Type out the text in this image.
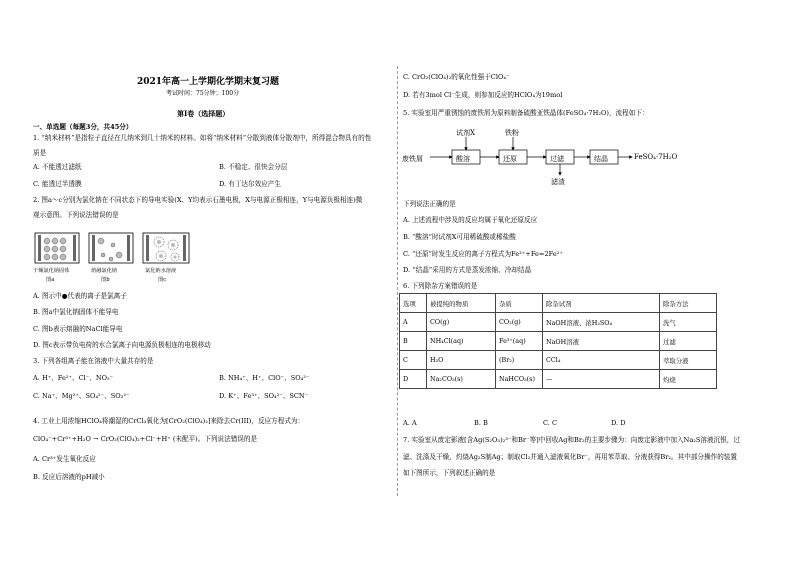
2021年高一上学期化学期末复习题
考试时间：75分钟；100分
第I卷（选择题）
一、单选题（每题3分，共45分）
1. “纳米材料”是指粒子直径在几纳米到几十纳米的材料。如将“纳米材料”分散到液体分散剂中，所得混合物具有的性
质是
A. 不能透过滤纸	B. 不稳定、很快会分层
C. 能透过半透膜	D. 有丁达尔效应产生
2. 图a～c分别为氯化钠在不同状态下的导电实验(X、Y均表示石墨电极，X与电源正极相连，Y与电源负极相连)微
观示意图。下列说法错误的是
干燥氯化钠固体
图a
熔融氯化钠
图b
氯化钠水溶液
图c
A. 图示中●代表的离子是氯离子
B. 图a中氯化钠固体不能导电
C. 图b表示熔融的NaCl能导电
D. 图c表示带负电荷的水合氯离子向电源负极相连的电极移动
3. 下列各组离子能在溶液中大量共存的是
A. H⁺、Fe²⁺、Cl⁻、NO₃⁻	B. NH₄⁺、H⁺、ClO⁻、SO₄²⁻
C. Na⁺、Mg²⁺、SO₄²⁻、SO₃²⁻	D. K⁺、Fe³⁺、SO₄²⁻、SCN⁻
4. 工业上用浓缩HClO₄将潮湿的CrCl₃氧化为[CrO₂(ClO₄)₂]来除去Cr(III)，反应方程式为：
ClO₄⁻+Cr³⁺+H₂O → CrO₂(ClO₄)₂+Cl⁻+H⁺ (未配平)。下列说法错误的是
A. Cr³⁺发生氧化反应
B. 反应后溶液的pH减小
C. CrO₂(ClO₄)₂的氧化性强于ClO₄⁻
D. 若有3mol Cl⁻生成，则参加反应的HClO₄为19mol
5. 实验室用严重锈蚀的废铁屑为原料制备硫酸亚铁晶体(FeSO₄·7H₂O)，流程如下：
废铁屑
试剂X	铁粉
酸溶	还原	过滤	结晶
滤渣
FeSO₄·7H₂O
下列说法正确的是
A. 上述流程中涉及的反应均属于氧化还原反应
B. “酸溶”时试剂X可用稀硫酸或稀盐酸
C. “还原”时发生反应的离子方程式为Fe³⁺+Fe=2Fe²⁺
D. “结晶”采用的方式是蒸发浓缩、冷却结晶
6. 下列除杂方案错误的是
选项	被提纯的物质	杂质	除杂试剂	除杂方法
A	CO(g)	CO₂(g)	NaOH溶液、浓H₂SO₄	洗气
B	NH₄Cl(aq)	Fe³⁺(aq)	NaOH溶液	过滤
C	H₂O	(Br₂)	CCl₄	萃取分液
D	Na₂CO₃(s)	NaHCO₃(s)	—	灼烧
A. A	B. B	C. C	D. D
7. 实验室从废定影液[含Ag(S₂O₃)₂³⁻和Br⁻等]中回收Ag和Br₂的主要步骤为：向废定影液中加入Na₂S溶液沉银，过
滤、洗涤及干燥，灼烧Ag₂S制Ag；制取Cl₂并通入滤液氧化Br⁻，再用苯萃取、分液获得Br₂。其中部分操作的装置
如下图所示，下列叙述正确的是
